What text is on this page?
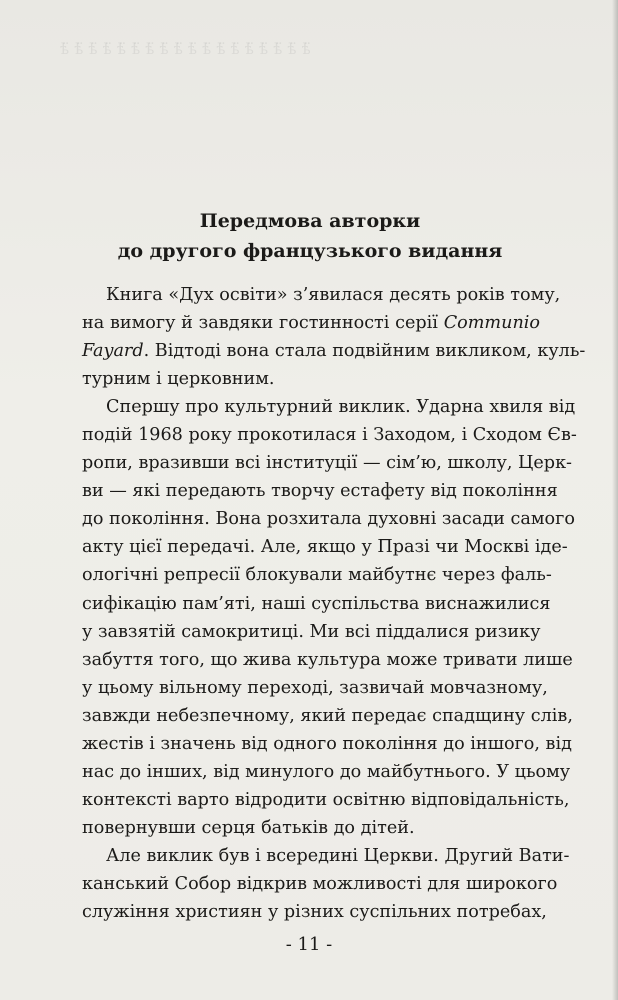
ѣ̈ ѣ̈ ѣ̈ ѣ̈ ѣ̈ ѣ̈ ѣ̈ ѣ̈ ѣ̈ ѣ̈ ѣ̈ ѣ̈ ѣ̈ ѣ̈ ѣ̈ ѣ̈ ѣ̈ ѣ̈
Передмова авторки
до другого французького видання
Книга «Дух освіти» з’явилася десять років тому,
на вимогу й завдяки гостинності серії Communio
Fayard. Відтоді вона стала подвійним викликом, куль-
турним і церковним.
Спершу про культурний виклик. Ударна хвиля від
подій 1968 року прокотилася і Заходом, і Сходом Єв-
ропи, вразивши всі інституції — сім’ю, школу, Церк-
ви — які передають творчу естафету від покоління
до покоління. Вона розхитала духовні засади самого
акту цієї передачі. Але, якщо у Празі чи Москві іде-
ологічні репресії блокували майбутнє через фаль-
сифікацію пам’яті, наші суспільства виснажилися
у завзятій самокритиці. Ми всі піддалися ризику
забуття того, що жива культура може тривати лише
у цьому вільному переході, зазвичай мовчазному,
завжди небезпечному, який передає спадщину слів,
жестів і значень від одного покоління до іншого, від
нас до інших, від минулого до майбутнього. У цьому
контексті варто відродити освітню відповідальність,
повернувши серця батьків до дітей.
Але виклик був і всередині Церкви. Другий Вати-
канський Собор відкрив можливості для широкого
служіння християн у різних суспільних потребах,
- 11 -
